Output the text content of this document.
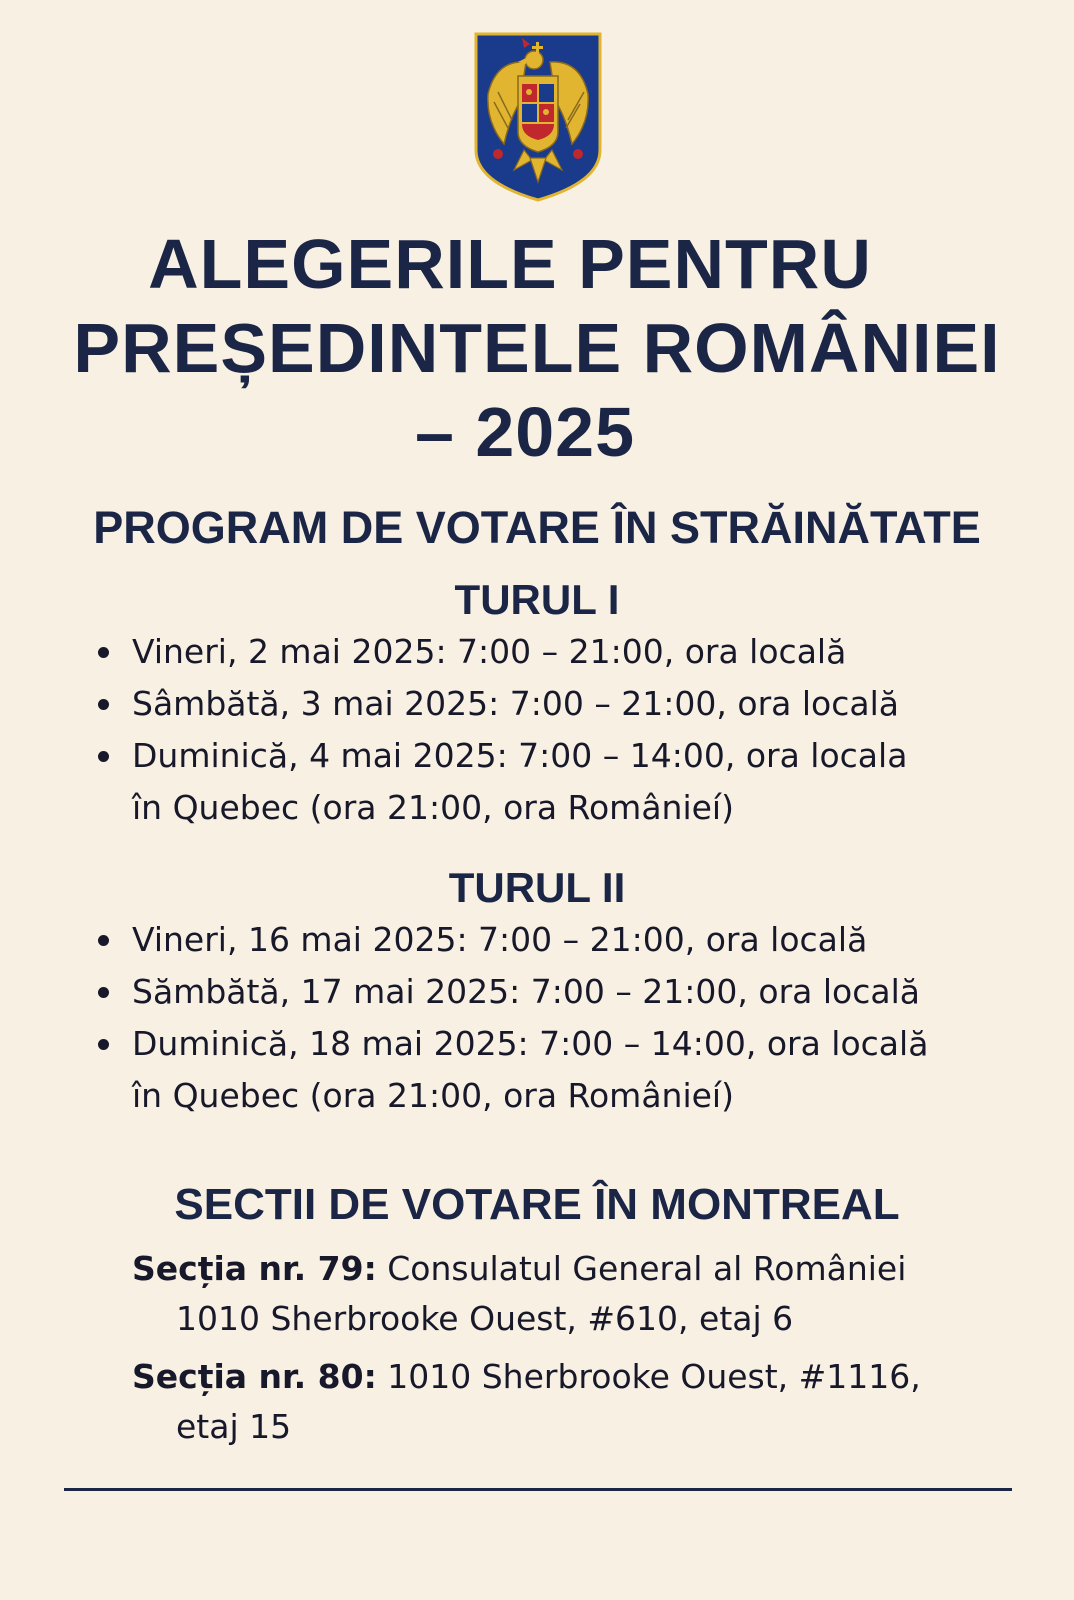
ALEGERILE PENTRU
PREȘEDINTELE ROMÂNIEI
– 2025
PROGRAM DE VOTARE ÎN STRĂINĂTATE
TURUL I
Vineri, 2 mai 2025: 7:00 – 21:00, ora locală
Sâmbătă, 3 mai 2025: 7:00 – 21:00, ora locală
Duminică, 4 mai 2025: 7:00 – 14:00, ora locala
în Quebec (ora 21:00, ora Românieí)
TURUL II
Vineri, 16 mai 2025: 7:00 – 21:00, ora locală
Sămbătă, 17 mai 2025: 7:00 – 21:00, ora locală
Duminică, 18 mai 2025: 7:00 – 14:00, ora locală
în Quebec (ora 21:00, ora Românieí)
SECTII DE VOTARE ÎN MONTREAL
Secția nr. 79: Consulatul General al României
1010 Sherbrooke Ouest, #610, etaj 6
Secția nr. 80: 1010 Sherbrooke Ouest, #1116,
etaj 15
